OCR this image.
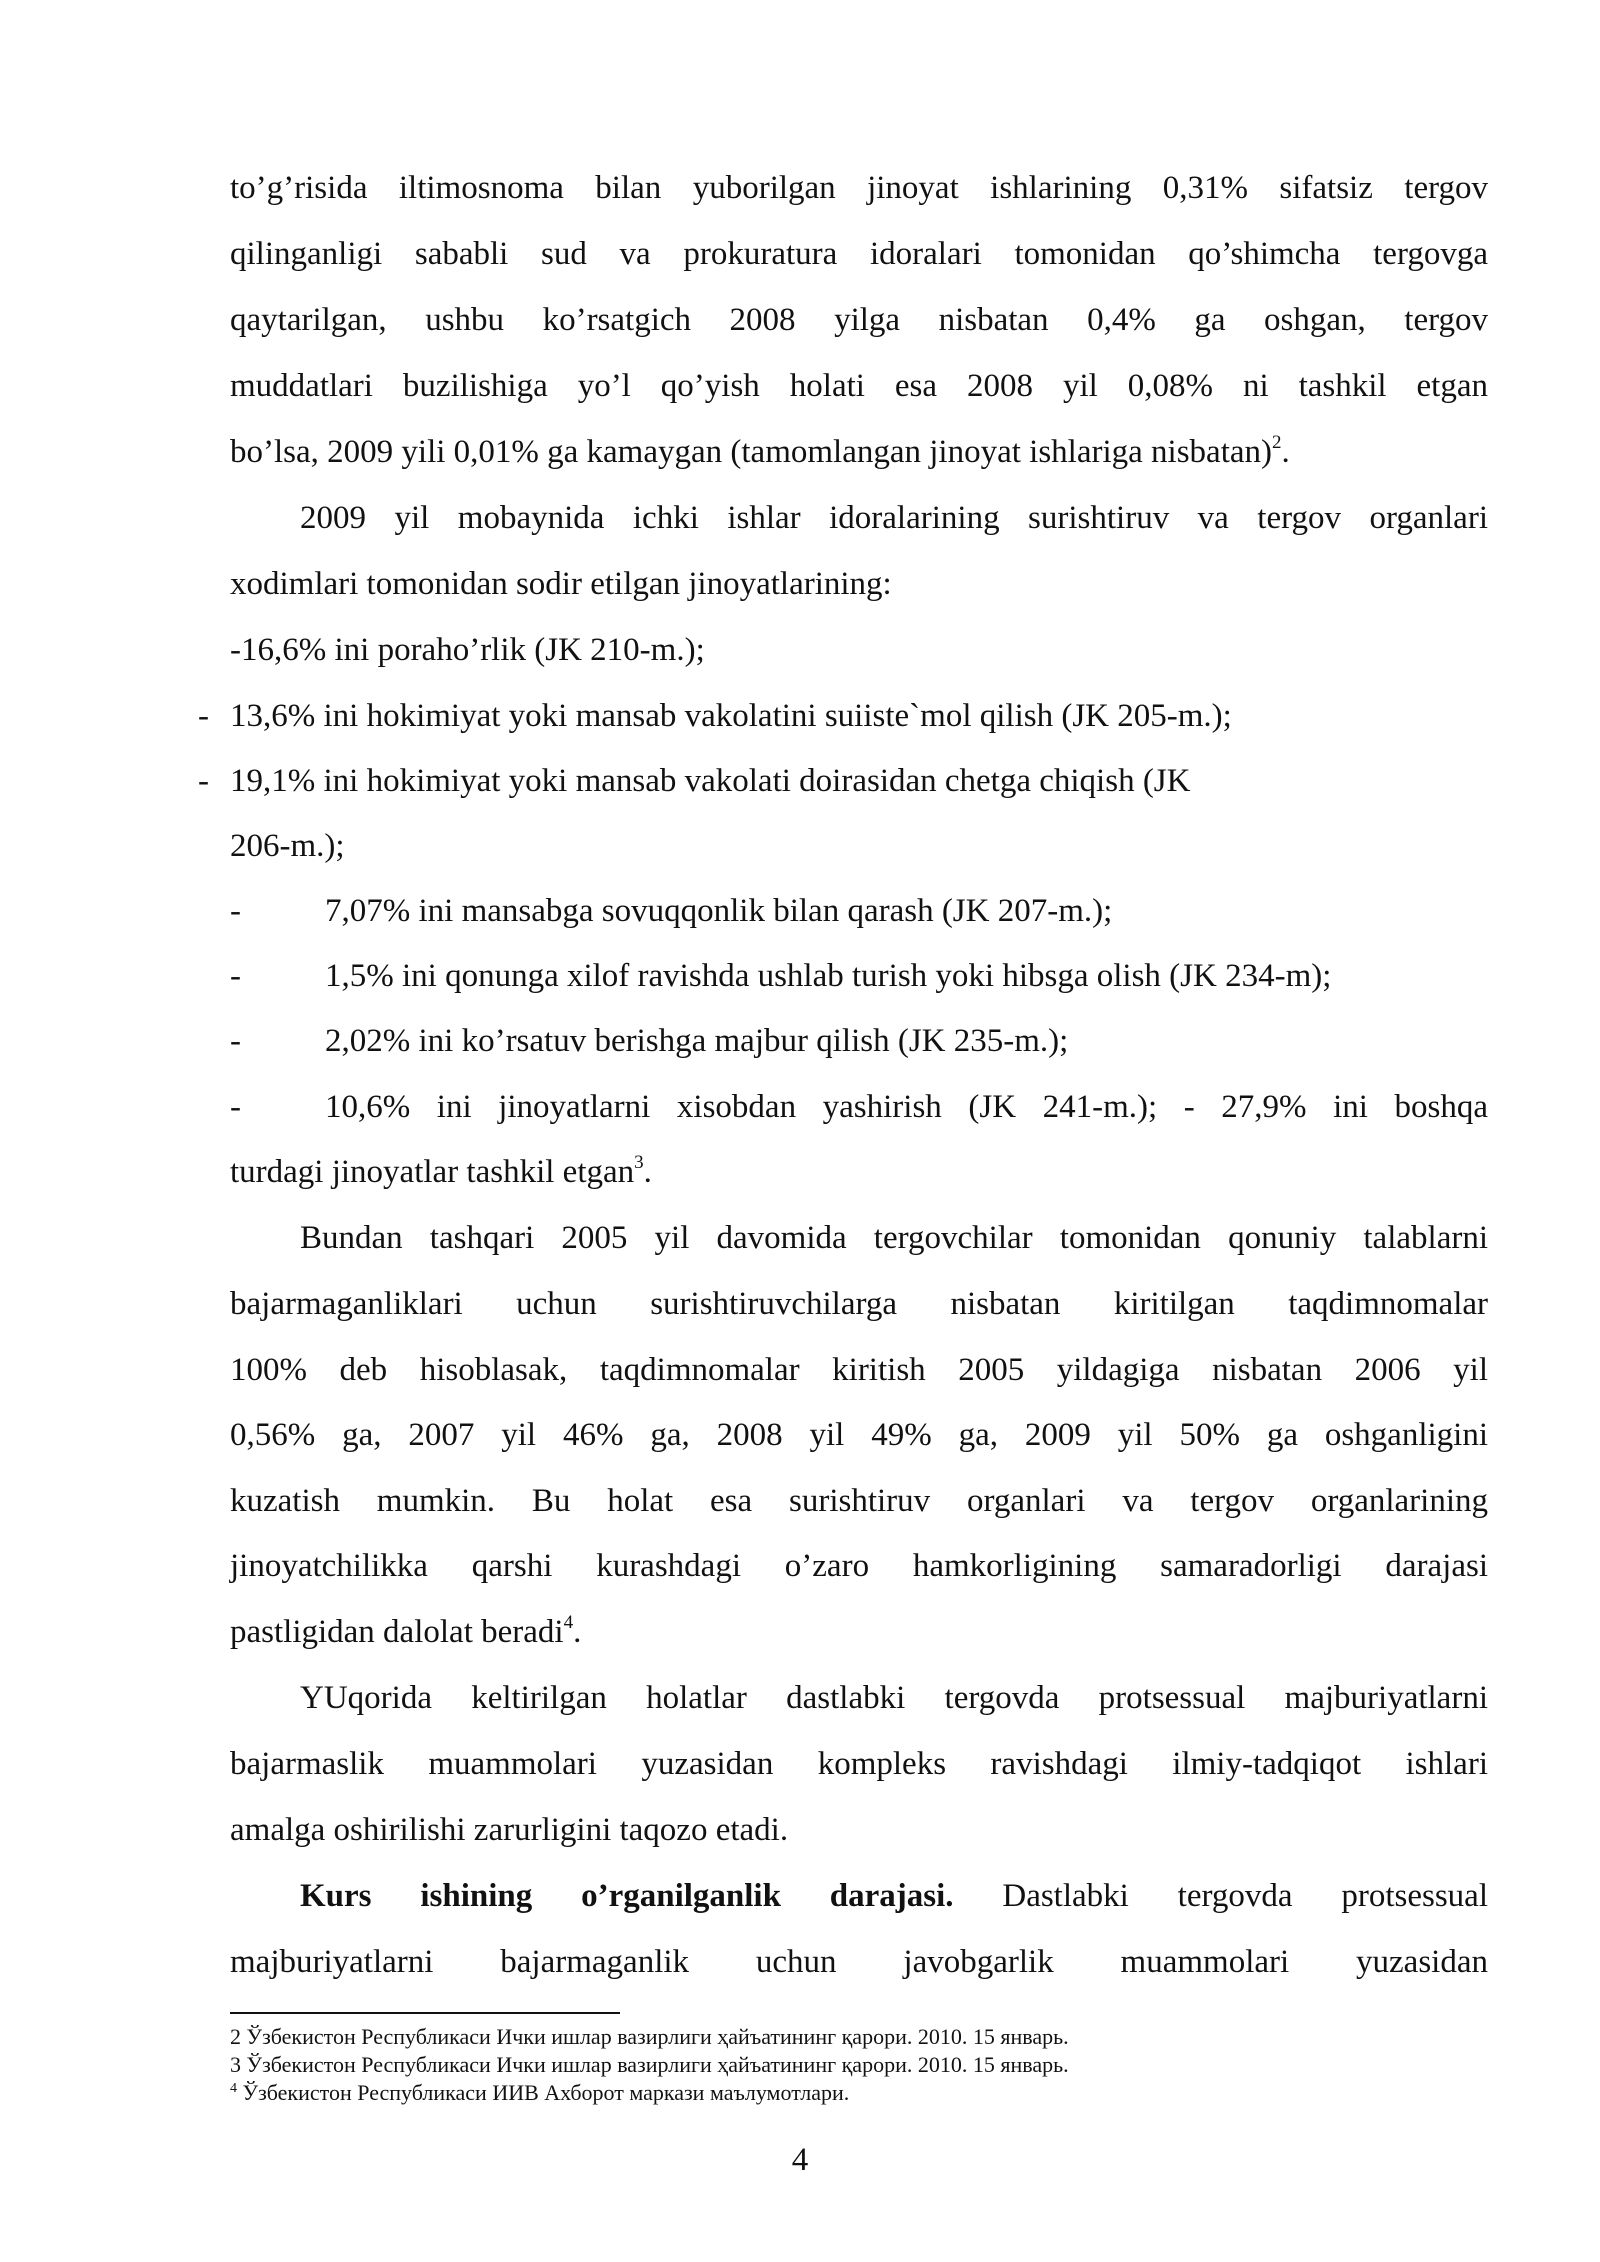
to’g’risida iltimosnoma bilan yuborilgan jinoyat ishlarining 0,31% sifatsiz tergov
qilinganligi sababli sud va prokuratura idoralari tomonidan qo’shimcha tergovga
qaytarilgan, ushbu ko’rsatgich 2008 yilga nisbatan 0,4% ga oshgan, tergov
muddatlari buzilishiga yo’l qo’yish holati esa 2008 yil 0,08% ni tashkil etgan
bo’lsa, 2009 yili 0,01% ga kamaygan (tamomlangan jinoyat ishlariga nisbatan)$^2$.
2009 yil mobaynida ichki ishlar idoralarining surishtiruv va tergov organlari
xodimlari tomonidan sodir etilgan jinoyatlarining:
-16,6% ini poraho’rlik (JK 210-m.);
- 13,6% ini hokimiyat yoki mansab vakolatini suiiste`mol qilish (JK 205-m.);
- 19,1% ini hokimiyat yoki mansab vakolati doirasidan chetga chiqish (JK
206-m.);
-	7,07% ini mansabga sovuqqonlik bilan qarash (JK 207-m.);
-	1,5% ini qonunga xilof ravishda ushlab turish yoki hibsga olish (JK 234-m);
-	2,02% ini ko’rsatuv berishga majbur qilish (JK 235-m.);
-	10,6% ini jinoyatlarni xisobdan yashirish (JK 241-m.); - 27,9% ini boshqa
turdagi jinoyatlar tashkil etgan$^3$.
Bundan tashqari 2005 yil davomida tergovchilar tomonidan qonuniy talablarni
bajarmaganliklari uchun surishtiruvchilarga nisbatan kiritilgan taqdimnomalar
100% deb hisoblasak, taqdimnomalar kiritish 2005 yildagiga nisbatan 2006 yil
0,56% ga, 2007 yil 46% ga, 2008 yil 49% ga, 2009 yil 50% ga oshganligini
kuzatish mumkin. Bu holat esa surishtiruv organlari va tergov organlarining
jinoyatchilikka qarshi kurashdagi o’zaro hamkorligining samaradorligi darajasi
pastligidan dalolat beradi$^4$.
YUqorida keltirilgan holatlar dastlabki tergovda protsessual majburiyatlarni
bajarmaslik muammolari yuzasidan kompleks ravishdagi ilmiy-tadqiqot ishlari
amalga oshirilishi zarurligini taqozo etadi.
Kurs ishining o’rganilganlik darajasi. Dastlabki tergovda protsessual
majburiyatlarni bajarmaganlik uchun javobgarlik muammolari yuzasidan
2 Ўзбекистон Республикаси Ички ишлар вазирлиги ҳайъатининг қарори. 2010. 15 январь.
3 Ўзбекистон Республикаси Ички ишлар вазирлиги ҳайъатининг қарори. 2010. 15 январь.
$^4$ Ўзбекистон Республикаси ИИВ Ахборот маркази маълумотлари.
4
